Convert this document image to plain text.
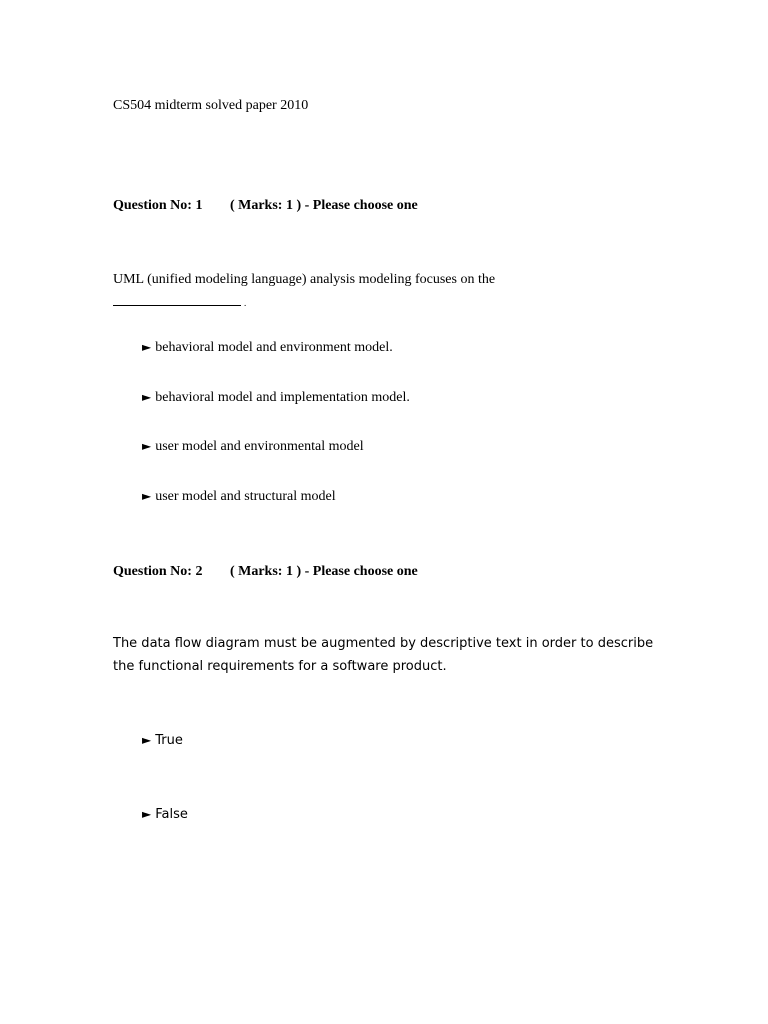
CS504 midterm solved paper 2010
Question No: 1 ( Marks: 1 ) - Please choose one
UML (unified modeling language) analysis modeling focuses on the
.
► behavioral model and environment model.
► behavioral model and implementation model.
► user model and environmental model
► user model and structural model
Question No: 2 ( Marks: 1 ) - Please choose one
The data flow diagram must be augmented by descriptive text in order to describe
the functional requirements for a software product.
► True
► False
